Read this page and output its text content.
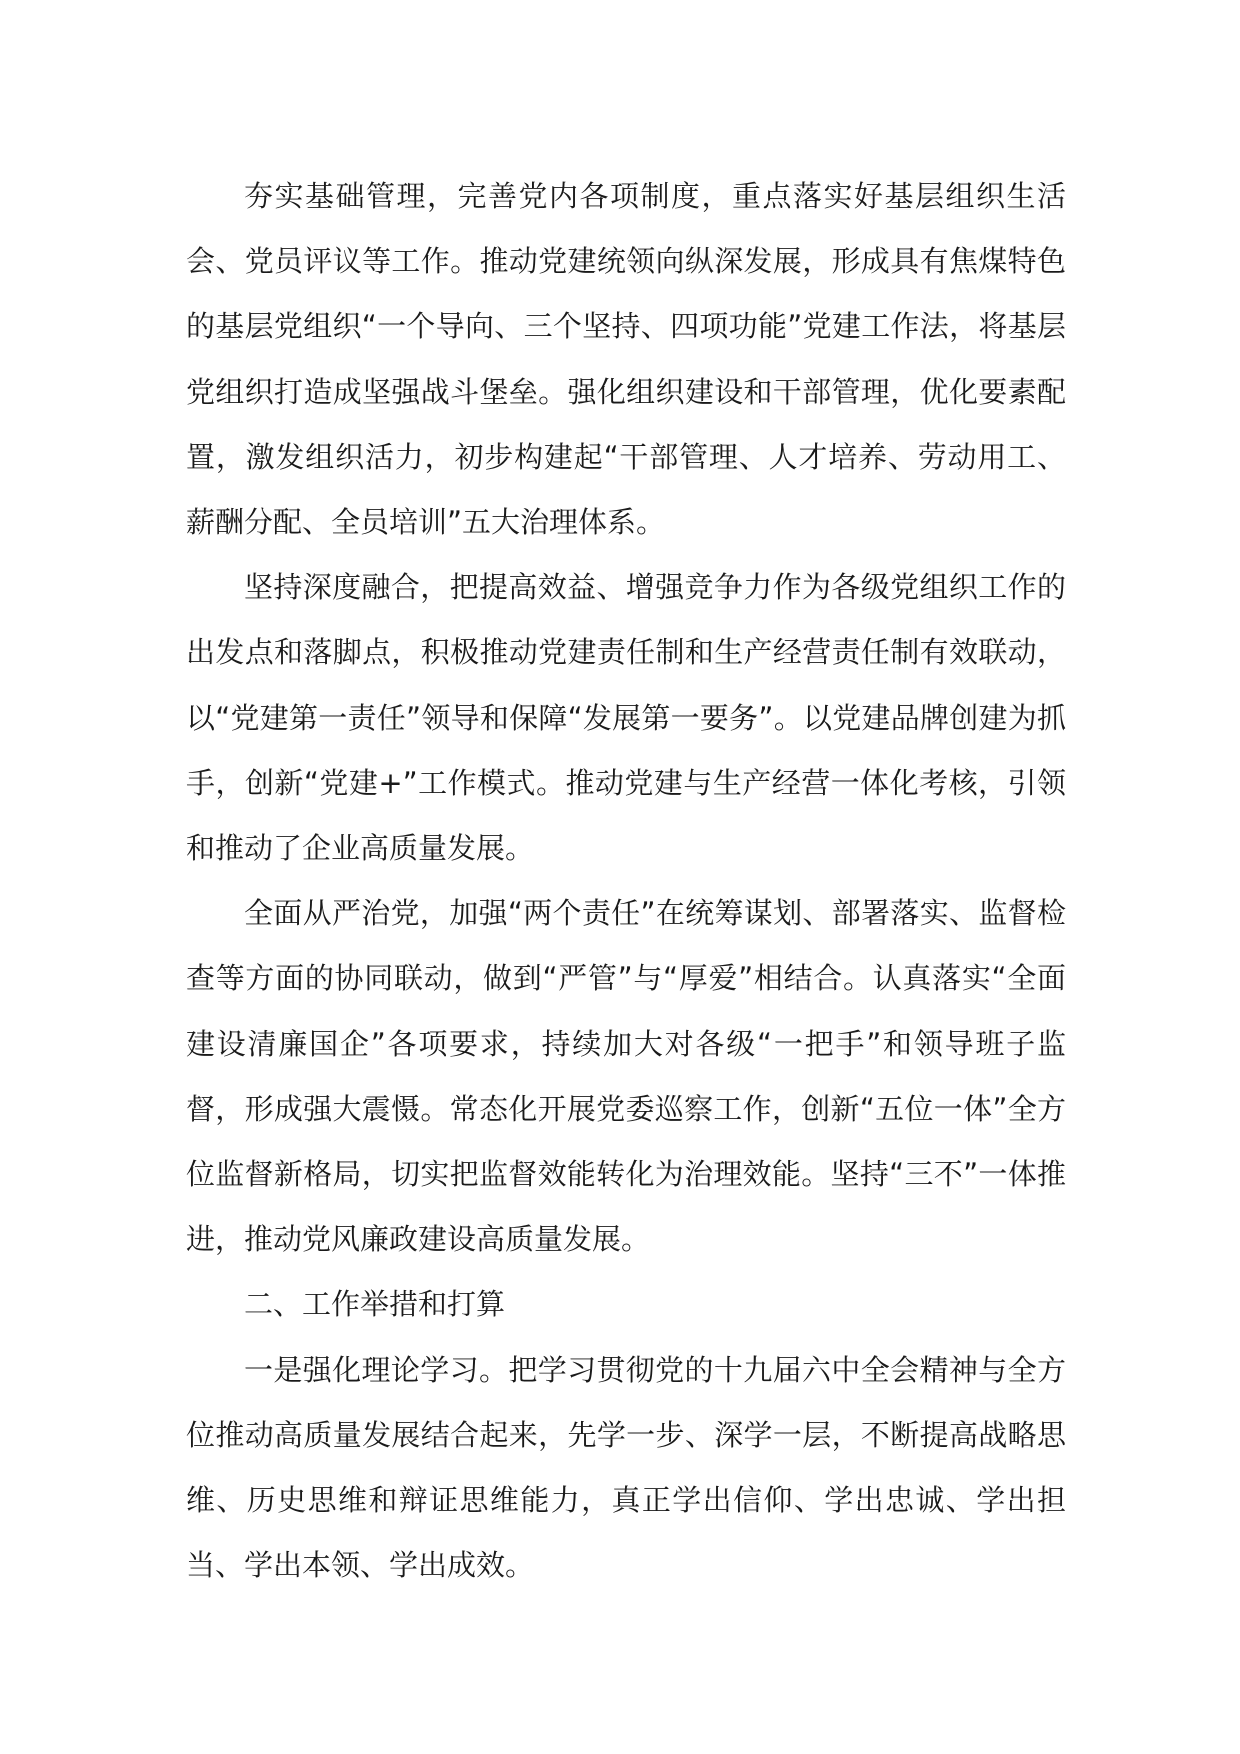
夯实基础管理，完善党内各项制度，重点落实好基层组织生活会、党员评议等工作。推动党建统领向纵深发展，形成具有焦煤特色的基层党组织“一个导向、三个坚持、四项功能”党建工作法，将基层党组织打造成坚强战斗堡垒。强化组织建设和干部管理，优化要素配置，激发组织活力，初步构建起“干部管理、人才培养、劳动用工、薪酬分配、全员培训”五大治理体系。

坚持深度融合，把提高效益、增强竞争力作为各级党组织工作的出发点和落脚点，积极推动党建责任制和生产经营责任制有效联动，以“党建第一责任”领导和保障“发展第一要务”。以党建品牌创建为抓手，创新“党建+”工作模式。推动党建与生产经营一体化考核，引领和推动了企业高质量发展。

全面从严治党，加强“两个责任”在统筹谋划、部署落实、监督检查等方面的协同联动，做到“严管”与“厚爱”相结合。认真落实“全面建设清廉国企”各项要求，持续加大对各级“一把手”和领导班子监督，形成强大震慑。常态化开展党委巡察工作，创新“五位一体”全方位监督新格局，切实把监督效能转化为治理效能。坚持“三不”一体推进，推动党风廉政建设高质量发展。

二、工作举措和打算

一是强化理论学习。把学习贯彻党的十九届六中全会精神与全方位推动高质量发展结合起来，先学一步、深学一层，不断提高战略思维、历史思维和辩证思维能力，真正学出信仰、学出忠诚、学出担当、学出本领、学出成效。
